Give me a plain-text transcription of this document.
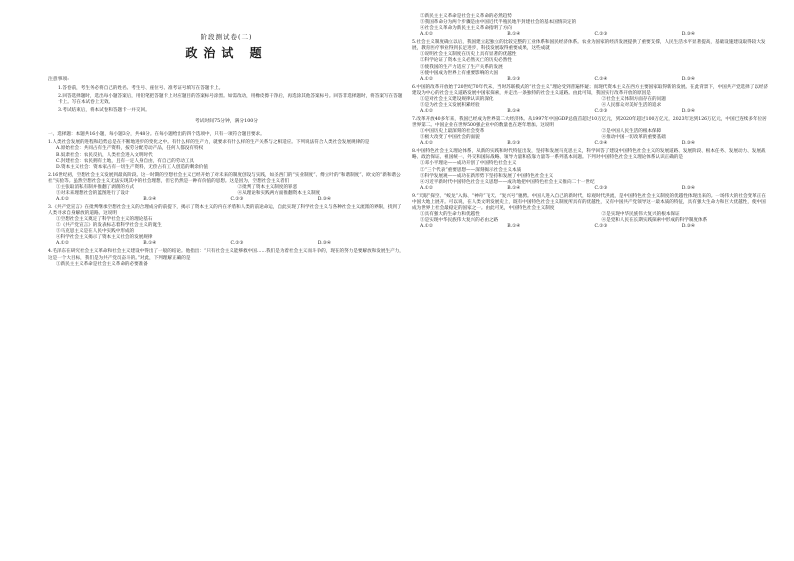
阶段测试卷(二)
政治试 题
注意事项:

1.答卷前，考生务必将自己的姓名、考生号、座位号、准考证号填写在答题卡上。

2.回答选择题时，选出每小题答案后，用铅笔把答题卡上对应题目的答案标号涂黑。如需改动，用橡皮擦干净后，再选涂其他答案标号。回答非选择题时，将答案写在答题卡上。写在本试卷上无效。

3.考试结束后，将本试卷和答题卡一并交回。

考试时间75分钟，满分100分
一、选择题：本题共16小题，每小题3分，共48分。在每小题给出的四个选项中，只有一项符合题目要求。

1.人类社会发展的进程和趋势总是在不断地进步的变化之中。有什么样的生产力，就要求有什么样的生产关系与之相适应。下列说法符合人类社会发展规律的是

A.原始社会：共同占有生产资料，按劳分配劳动产品，任何人都没有特权
B.奴隶社会：农民反抗，人类社会进入文明时代
C.封建社会：农民拥有土地，且有一定人身自由，有自己的劳动工具
D.资本主义社会：资本家占有一切生产资料，无偿占有工人创造的剩余价值

2.16世纪初，空想社会主义发展到最高阶段。这一时期的空想社会主义已经开始了对未来的制度创设与实践，如圣西门的“实业制度”、傅立叶的“和谐制度”、欧文的“新和谐公社”实验等。虽然空想社会主义无法实现其中的社会理想，但它仍然是一种有价值的思想。这是因为，空想社会主义者们

①主张取消私有制并推翻了剥削的方式	②批判了资本主义制度的罪恶
③对未来理想社会的蓝图进行了设计	④从理论和实践两方面推翻资本主义制度
A.①②	B.①④	C.②③	D.③④

3.《共产党宣言》在批判继承空想社会主义的合理成分的前提下，揭示了资本主义的内在矛盾和人类的前途命运，自此实现了科学社会主义与各种社会主义流派的界限，找到了人类寻求自身解放的道路。这说明

①空想社会主义奠定了科学社会主义的理论基石
②《共产党宣言》的发表标志着科学社会主义的诞生
③马克思主义是在人民中实践中形成的
④科学社会主义揭示了资本主义社会的发展规律
A.①②	B.①④	C.②③	D.③④

4.毛泽东在研究社会主义革命和社会主义建设中得出了一般的结论。他指出：“只有社会主义能够救中国……我们是为着社会主义而斗争的，现在的努力是要解放和发展生产力，这是一个大目标，我们是为共产党员奋斗的。”对此，下列理解正确的是

①新民主主义革命是社会主义革命的必要准备
②新民主主义革命是社会主义革命的必然趋势
③我国革命分为两个步骤是由中国近代半殖民地半封建社会的基本国情决定的
④社会主义革命为新民主主义革命指明了方向
A.①②	B.①④	C.②③	D.③④

5.社会主义制度确立以后，我国建立起独立的比较完整的工业体系和国民经济体系。农业为国家的经济发展提供了重要支撑，人民生活水平显著提高，基础设施建设取得较大发展，教育医疗事业得到长足进步，科技发展取得重要成果，这些成就

①说明社会主义制度在历史上具有显著的优越性
②科学论证了资本主义必然灭亡的历史必然性
③使我国的生产力适应了生产关系的发展
④使中国成为世界上有重要影响的大国
A.①②	B.①③	C.②④	D.③④

6.中国的改革开放始于20世纪70年代末，当时苏联模式的“社会主义”理论受到普遍怀疑；而现代资本主义在西方主要国家取得新的发展。在此背景下，中国共产党选择了以经济建设为中心的社会主义道路发展中国家探索，并走出一条独特的社会主义道路。由此可知，我国实行改革开放的原因是

①是对社会主义建设规律认识的深化	②社会主义体制方面存在的问题
③是为社会主义发展积累经验	④人民群众对美好生活的追求
A.①②	B.①④	C.②③	D.③④

7.改革开放40多年来，我国已经成为世界第二大经济体。从1997年中国GDP总值首超过10万亿元，到2020年超过100万亿元，2023年达到126万亿元，中国已连续多年位居世界第二。中国企业在世界500强企业中的数量也在逐年增加。这说明

①中国历史上最深刻的社会变革	②是中国人民生活的根本保障
③极大改变了中国社会的面貌	④推动中国一切改革的重要基础
A.①②	B.①③	C.②④	D.③④

8.中国特色社会主义理论体系，从新的实践和时代特征出发，坚持和发展马克思主义，科学回答了建设中国特色社会主义的发展道路、发展阶段、根本任务、发展动力、发展战略、政治保证、祖国统一、外交和国际战略、领导力量和依靠力量等一系列基本问题。下列对中国特色社会主义理论体系认识正确的是

①邓小平理论——成功开创了中国特色社会主义
②“三个代表”重要思想——深刻揭示社会主义本质
③科学发展观——成功在新形势下坚持和发展了中国特色社会主义
④习近平新时代中国特色社会主义思想——成功地把中国特色社会主义推向二十一世纪
A.①②	B.①④	C.②③	D.③④

9.“天眼”探空、“蛟龙”入海、“神舟”飞天、“复兴号”驰骋。中国人进入自己的新时代，综观时代洪流，是中国特色社会主义制度的优越性体现出来的。一场伟大的社会变革正在中国大地上展开。可以说，在人类文明发展史上，既有中国特色社会主义制度所具有的优越性，又有中国共产党领导这一最本质的特征，具有强大生命力和巨大优越性，使中国成为世界上社会最稳定的国家之一。由此可见，中国特色社会主义制度

①具有强大的生命力和优越性	②是实现中华民族伟大复兴的根本保证
③是实现中华民族伟大复兴的必由之路	④是党和人民在长期实践探索中形成的科学制度体系
A.①②	B.①④	C.②③	D.③④
